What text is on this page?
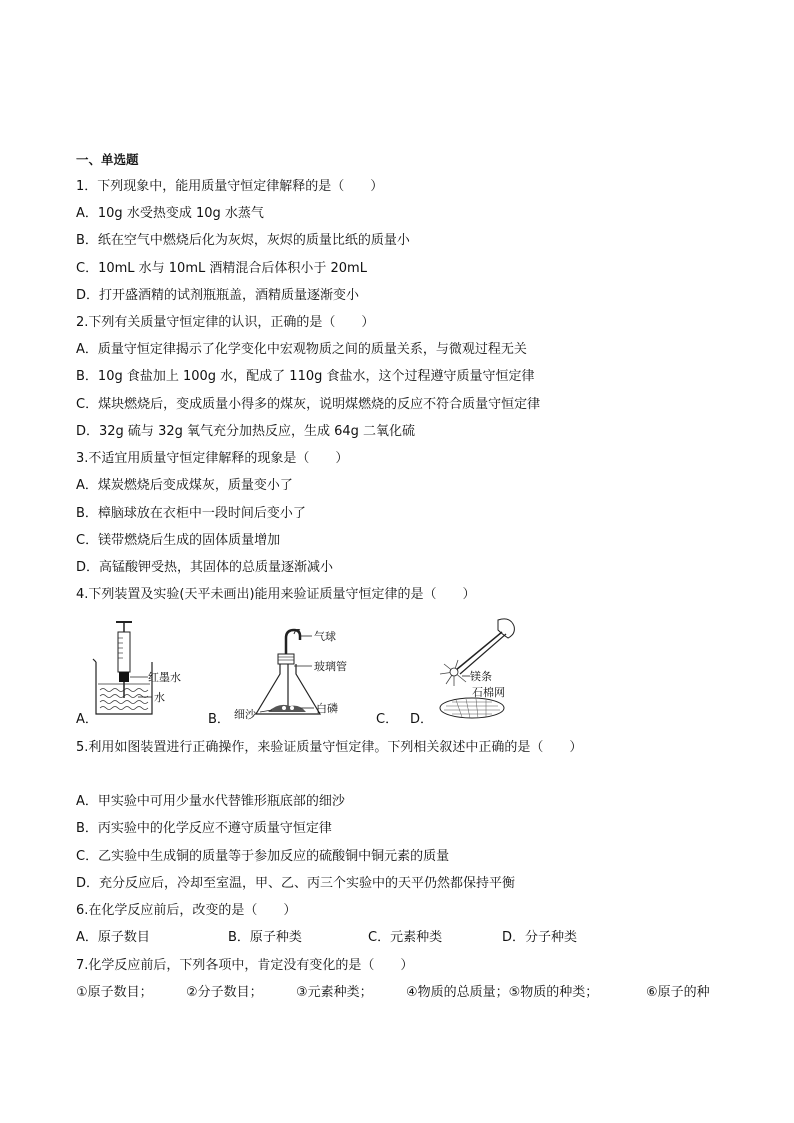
一、单选题
1．下列现象中，能用质量守恒定律解释的是（　　）
A．10g 水受热变成 10g 水蒸气
B．纸在空气中燃烧后化为灰烬，灰烬的质量比纸的质量小
C．10mL 水与 10mL 酒精混合后体积小于 20mL
D．打开盛酒精的试剂瓶瓶盖，酒精质量逐渐变小
2.下列有关质量守恒定律的认识，正确的是（　　）
A．质量守恒定律揭示了化学变化中宏观物质之间的质量关系，与微观过程无关
B．10g 食盐加上 100g 水，配成了 110g 食盐水，这个过程遵守质量守恒定律
C．煤块燃烧后，变成质量小得多的煤灰，说明煤燃烧的反应不符合质量守恒定律
D．32g 硫与 32g 氧气充分加热反应，生成 64g 二氧化硫
3.不适宜用质量守恒定律解释的现象是（　　）
A．煤炭燃烧后变成煤灰，质量变小了
B．樟脑球放在衣柜中一段时间后变小了
C．镁带燃烧后生成的固体质量增加
D．高锰酸钾受热，其固体的总质量逐渐减小
4.下列装置及实验(天平未画出)能用来验证质量守恒定律的是（　　）
红墨水
水
A．
气球
玻璃管
细沙	白磷
B．	C． D．
镁条
石棉网
5.利用如图装置进行正确操作，来验证质量守恒定律。下列相关叙述中正确的是（　　）
A．甲实验中可用少量水代替锥形瓶底部的细沙
B．丙实验中的化学反应不遵守质量守恒定律
C．乙实验中生成铜的质量等于参加反应的硫酸铜中铜元素的质量
D．充分反应后，冷却至室温，甲、乙、丙三个实验中的天平仍然都保持平衡
6.在化学反应前后，改变的是（　　）
A．原子数目	B．原子种类	C．元素种类	D．分子种类
7.化学反应前后，下列各项中，肯定没有变化的是（　　）
①原子数目；	②分子数目；	③元素种类；	④物质的总质量；⑤物质的种类；	⑥原子的种
